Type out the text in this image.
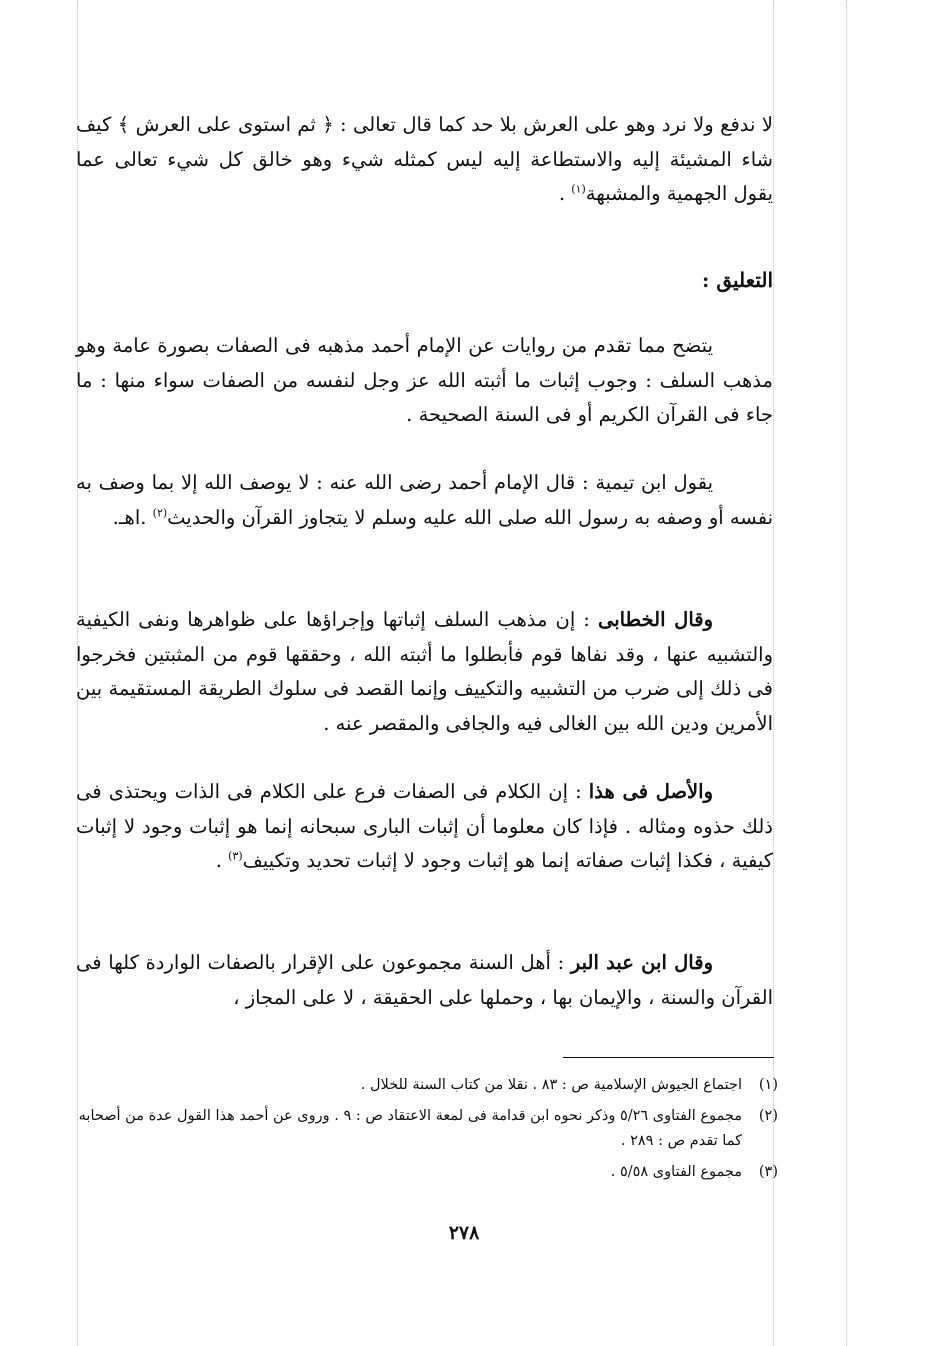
لا ندفع ولا نرد وهو على العرش بلا حد كما قال تعالى : ﴿ ثم استوى على العرش ﴾ كيف شاء المشيئة إليه والاستطاعة إليه ليس كمثله شيء وهو خالق كل شيء تعالى عما يقول الجهمية والمشبهة$^{(١)}$ .

التعليق :

يتضح مما تقدم من روايات عن الإمام أحمد مذهبه فى الصفات بصورة عامة وهو مذهب السلف : وجوب إثبات ما أثبته الله عز وجل لنفسه من الصفات سواء منها : ما جاء فى القرآن الكريم أو فى السنة الصحيحة .

يقول ابن تيمية : قال الإمام أحمد رضى الله عنه : لا يوصف الله إلا بما وصف به نفسه أو وصفه به رسول الله صلى الله عليه وسلم لا يتجاوز القرآن والحديث$^{(٢)}$ .اهـ.

وقال الخطابى : إن مذهب السلف إثباتها وإجراؤها على ظواهرها ونفى الكيفية والتشبيه عنها ، وقد نفاها قوم فأبطلوا ما أثبته الله ، وحققها قوم من المثبتين فخرجوا فى ذلك إلى ضرب من التشبيه والتكييف وإنما القصد فى سلوك الطريقة المستقيمة بين الأمرين ودين الله بين الغالى فيه والجافى والمقصر عنه .

والأصل فى هذا : إن الكلام فى الصفات فرع على الكلام فى الذات ويحتذى فى ذلك حذوه ومثاله . فإذا كان معلوما أن إثبات البارى سبحانه إنما هو إثبات وجود لا إثبات كيفية ، فكذا إثبات صفاته إنما هو إثبات وجود لا إثبات تحديد وتكييف$^{(٣)}$ .

وقال ابن عبد البر : أهل السنة مجموعون على الإقرار بالصفات الواردة كلها فى القرآن والسنة ، والإيمان بها ، وحملها على الحقيقة ، لا على المجاز ،

(١)
اجتماع الجيوش الإسلامية ص : ٨٣ . نقلا من كتاب السنة للخلال .

(٢)
مجموع الفتاوى ٥/٢٦ وذكر نحوه ابن قدامة فى لمعة الاعتقاد ص : ٩ . وروى عن أحمد هذا القول عدة من أصحابه كما تقدم ص : ٢٨٩ .

(٣)
مجموع الفتاوى ٥/٥٨ .

٢٧٨
